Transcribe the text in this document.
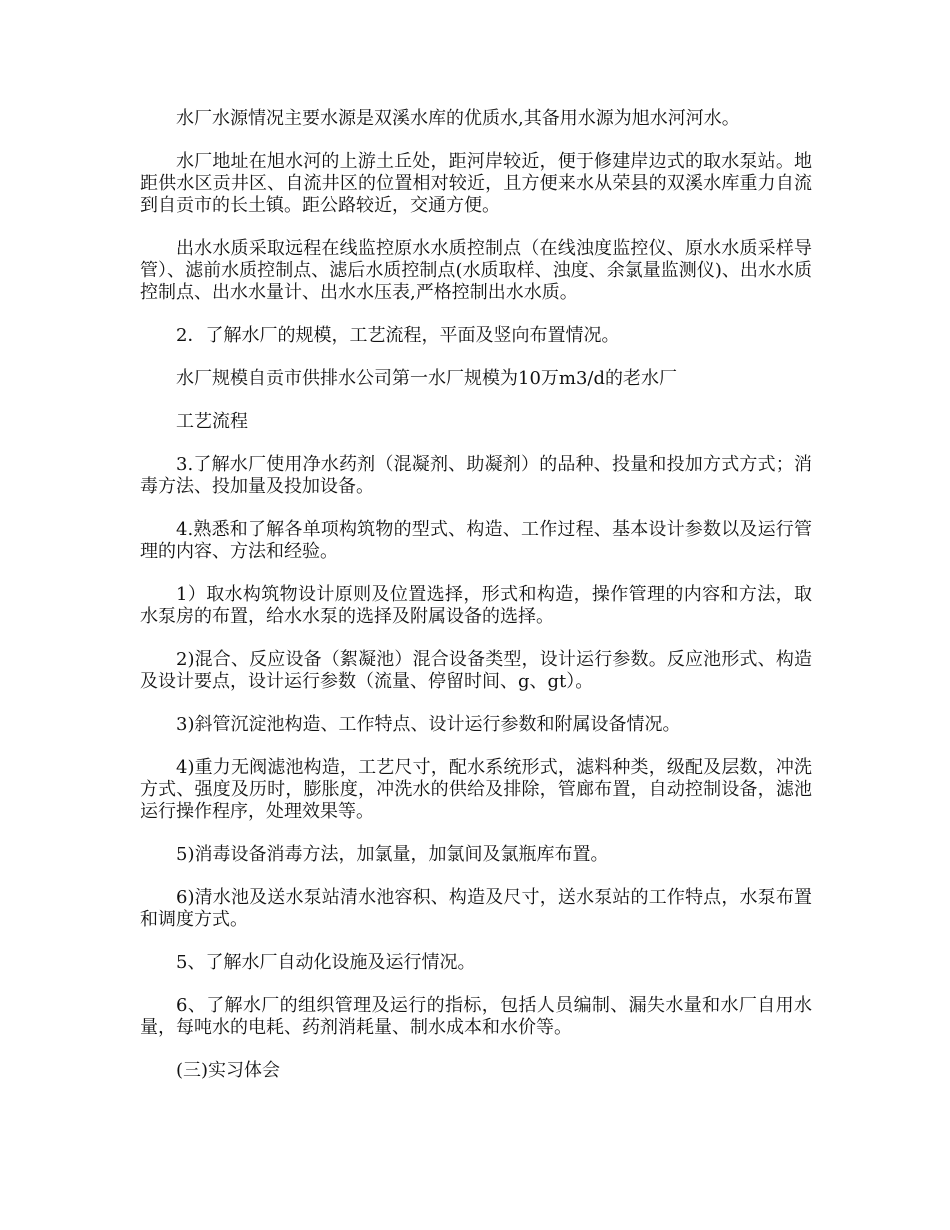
水厂水源情况主要水源是双溪水库的优质水,其备用水源为旭水河河水。

水厂地址在旭水河的上游土丘处，距河岸较近，便于修建岸边式的取水泵站。地距供水区贡井区、自流井区的位置相对较近，且方便来水从荣县的双溪水库重力自流到自贡市的长土镇。距公路较近，交通方便。

出水水质采取远程在线监控原水水质控制点（在线浊度监控仪、原水水质采样导管）、滤前水质控制点、滤后水质控制点(水质取样、浊度、余氯量监测仪)、出水水质控制点、出水水量计、出水水压表,严格控制出水水质。

2．了解水厂的规模，工艺流程，平面及竖向布置情况。

水厂规模自贡市供排水公司第一水厂规模为10万m3/d的老水厂

工艺流程

3.了解水厂使用净水药剂（混凝剂、助凝剂）的品种、投量和投加方式方式；消毒方法、投加量及投加设备。

4.熟悉和了解各单项构筑物的型式、构造、工作过程、基本设计参数以及运行管理的内容、方法和经验。

1）取水构筑物设计原则及位置选择，形式和构造，操作管理的内容和方法，取水泵房的布置，给水水泵的选择及附属设备的选择。

2)混合、反应设备（絮凝池）混合设备类型，设计运行参数。反应池形式、构造及设计要点，设计运行参数（流量、停留时间、g、gt）。

3)斜管沉淀池构造、工作特点、设计运行参数和附属设备情况。

4)重力无阀滤池构造，工艺尺寸，配水系统形式，滤料种类，级配及层数，冲洗方式、强度及历时，膨胀度，冲洗水的供给及排除，管廊布置，自动控制设备，滤池运行操作程序，处理效果等。

5)消毒设备消毒方法，加氯量，加氯间及氯瓶库布置。

6)清水池及送水泵站清水池容积、构造及尺寸，送水泵站的工作特点，水泵布置和调度方式。

5、了解水厂自动化设施及运行情况。

6、了解水厂的组织管理及运行的指标，包括人员编制、漏失水量和水厂自用水量，每吨水的电耗、药剂消耗量、制水成本和水价等。

(三)实习体会
